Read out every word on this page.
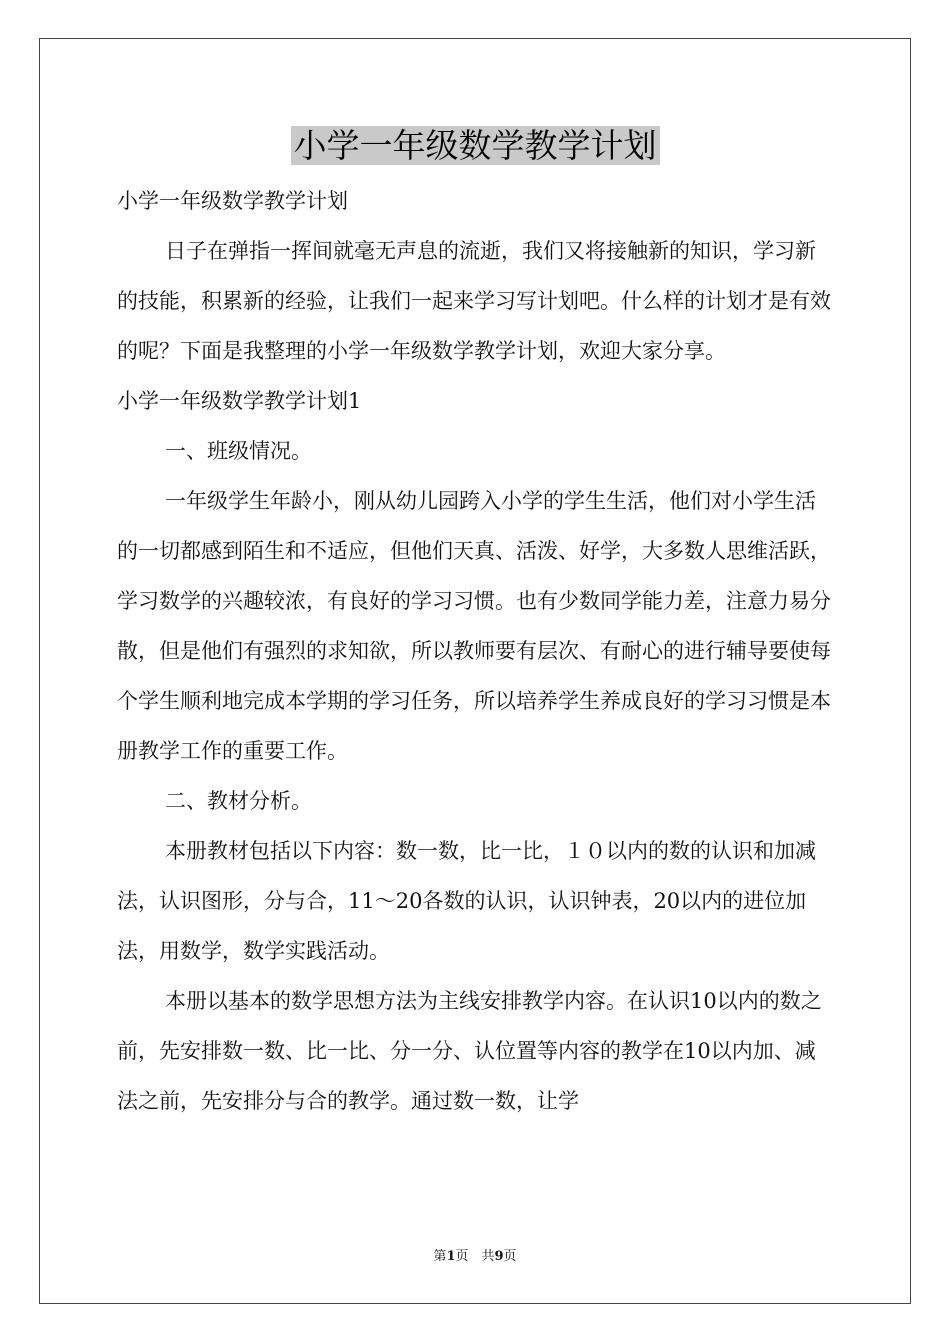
小学一年级数学教学计划

小学一年级数学教学计划

日子在弹指一挥间就毫无声息的流逝，我们又将接触新的知识，学习新的技能，积累新的经验，让我们一起来学习写计划吧。什么样的计划才是有效的呢？下面是我整理的小学一年级数学教学计划，欢迎大家分享。

小学一年级数学教学计划1

一、班级情况。

一年级学生年龄小，刚从幼儿园跨入小学的学生生活，他们对小学生活的一切都感到陌生和不适应，但他们天真、活泼、好学，大多数人思维活跃，学习数学的兴趣较浓，有良好的学习习惯。也有少数同学能力差，注意力易分散，但是他们有强烈的求知欲，所以教师要有层次、有耐心的进行辅导要使每个学生顺利地完成本学期的学习任务，所以培养学生养成良好的学习习惯是本册教学工作的重要工作。

二、教材分析。

本册教材包括以下内容：数一数，比一比，１０以内的数的认识和加减法，认识图形，分与合，11～20各数的认识，认识钟表，20以内的进位加法，用数学，数学实践活动。

本册以基本的数学思想方法为主线安排教学内容。在认识10以内的数之前，先安排数一数、比一比、分一分、认位置等内容的教学在10以内加、减法之前，先安排分与合的教学。通过数一数，让学

第1页　共9页
